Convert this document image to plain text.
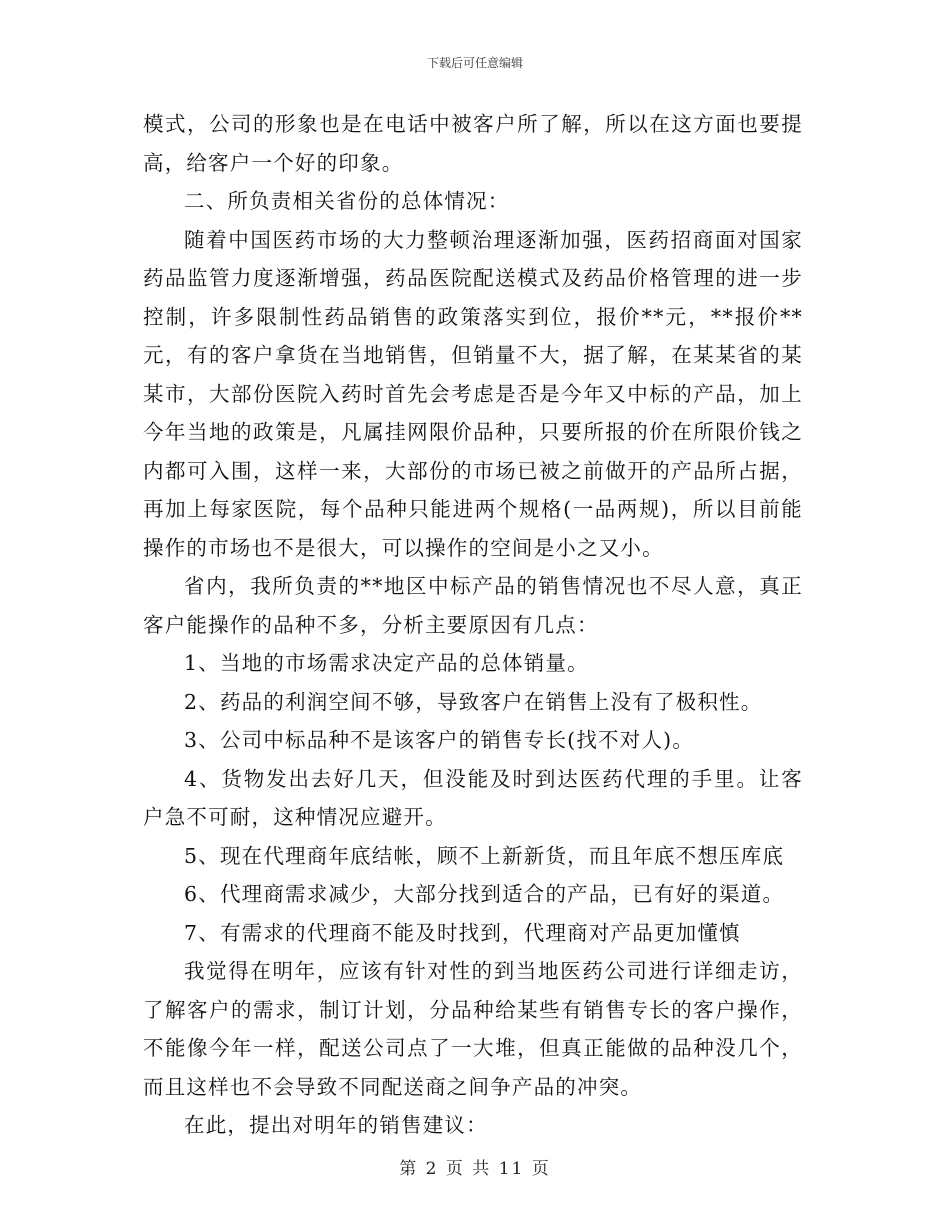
下载后可任意编辑

模式，公司的形象也是在电话中被客户所了解，所以在这方面也要提高，给客户一个好的印象。

二、所负责相关省份的总体情况：

随着中国医药市场的大力整顿治理逐渐加强，医药招商面对国家药品监管力度逐渐增强，药品医院配送模式及药品价格管理的进一步控制，许多限制性药品销售的政策落实到位，报价**元，**报价**元，有的客户拿货在当地销售，但销量不大，据了解，在某某省的某某市，大部份医院入药时首先会考虑是否是今年又中标的产品，加上今年当地的政策是，凡属挂网限价品种，只要所报的价在所限价钱之内都可入围，这样一来，大部份的市场已被之前做开的产品所占据，再加上每家医院，每个品种只能进两个规格(一品两规)，所以目前能操作的市场也不是很大，可以操作的空间是小之又小。

省内，我所负责的**地区中标产品的销售情况也不尽人意，真正客户能操作的品种不多，分析主要原因有几点：

1、当地的市场需求决定产品的总体销量。

2、药品的利润空间不够，导致客户在销售上没有了极积性。

3、公司中标品种不是该客户的销售专长(找不对人)。

4、货物发出去好几天，但没能及时到达医药代理的手里。让客户急不可耐，这种情况应避开。

5、现在代理商年底结帐，顾不上新新货，而且年底不想压库底

6、代理商需求减少，大部分找到适合的产品，已有好的渠道。

7、有需求的代理商不能及时找到，代理商对产品更加懂慎

我觉得在明年，应该有针对性的到当地医药公司进行详细走访，了解客户的需求，制订计划，分品种给某些有销售专长的客户操作，不能像今年一样，配送公司点了一大堆，但真正能做的品种没几个，而且这样也不会导致不同配送商之间争产品的冲突。

在此，提出对明年的销售建议：

第 2 页 共 11 页
